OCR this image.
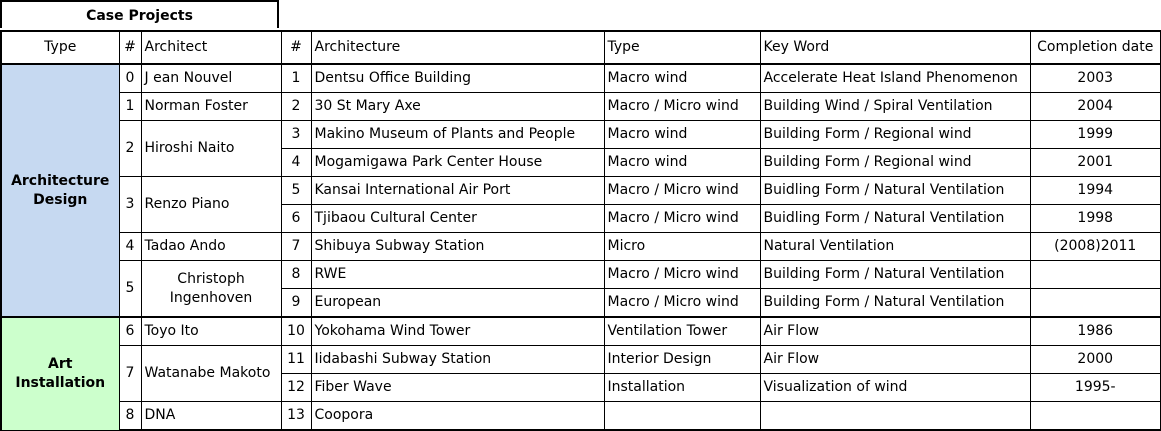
Case Projects
Type	#	Architect	#	Architecture	Type	Key Word	Completion date
Architecture Design	0	J ean Nouvel	1	Dentsu Office Building	Macro wind	Accelerate Heat Island Phenomenon	2003
	1	Norman Foster	2	30 St Mary Axe	Macro / Micro wind	Building Wind / Spiral Ventilation	2004
	2	Hiroshi Naito	3	Makino Museum of Plants and People	Macro wind	Building Form / Regional wind	1999
			4	Mogamigawa Park Center House	Macro wind	Building Form / Regional wind	2001
	3	Renzo Piano	5	Kansai International Air Port	Macro / Micro wind	Buidling Form / Natural Ventilation	1994
			6	Tjibaou Cultural Center	Macro / Micro wind	Buidling Form / Natural Ventilation	1998
	4	Tadao Ando	7	Shibuya Subway Station	Micro	Natural Ventilation	(2008)2011
	5	Christoph Ingenhoven	8	RWE	Macro / Micro wind	Building Form / Natural Ventilation	
			9	European	Macro / Micro wind	Building Form / Natural Ventilation	
Art Installation	6	Toyo Ito	10	Yokohama Wind Tower	Ventilation Tower	Air Flow	1986
	7	Watanabe Makoto	11	Iidabashi Subway Station	Interior Design	Air Flow	2000
			12	Fiber Wave	Installation	Visualization of wind	1995-
	8	DNA	13	Coopora			
